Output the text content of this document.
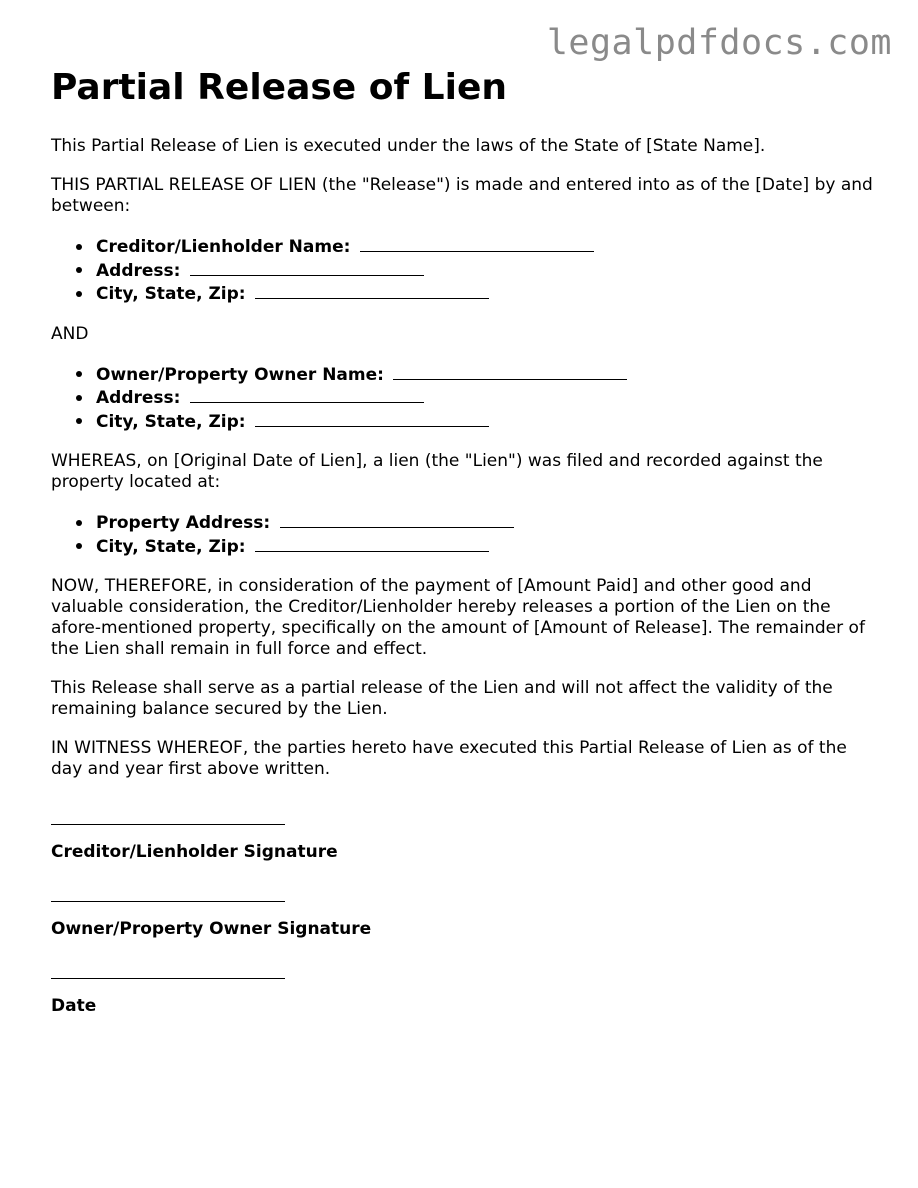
legalpdfdocs.com
Partial Release of Lien

This Partial Release of Lien is executed under the laws of the State of [State Name].

THIS PARTIAL RELEASE OF LIEN (the "Release") is made and entered into as of the [Date] by and between:

Creditor/Lienholder Name:
Address:
City, State, Zip:

AND

Owner/Property Owner Name:
Address:
City, State, Zip:

WHEREAS, on [Original Date of Lien], a lien (the "Lien") was filed and recorded against the property located at:

Property Address:
City, State, Zip:

NOW, THEREFORE, in consideration of the payment of [Amount Paid] and other good and valuable consideration, the Creditor/Lienholder hereby releases a portion of the Lien on the afore-mentioned property, specifically on the amount of [Amount of Release]. The remainder of the Lien shall remain in full force and effect.

This Release shall serve as a partial release of the Lien and will not affect the validity of the remaining balance secured by the Lien.

IN WITNESS WHEREOF, the parties hereto have executed this Partial Release of Lien as of the day and year first above written.

Creditor/Lienholder Signature
Owner/Property Owner Signature
Date
